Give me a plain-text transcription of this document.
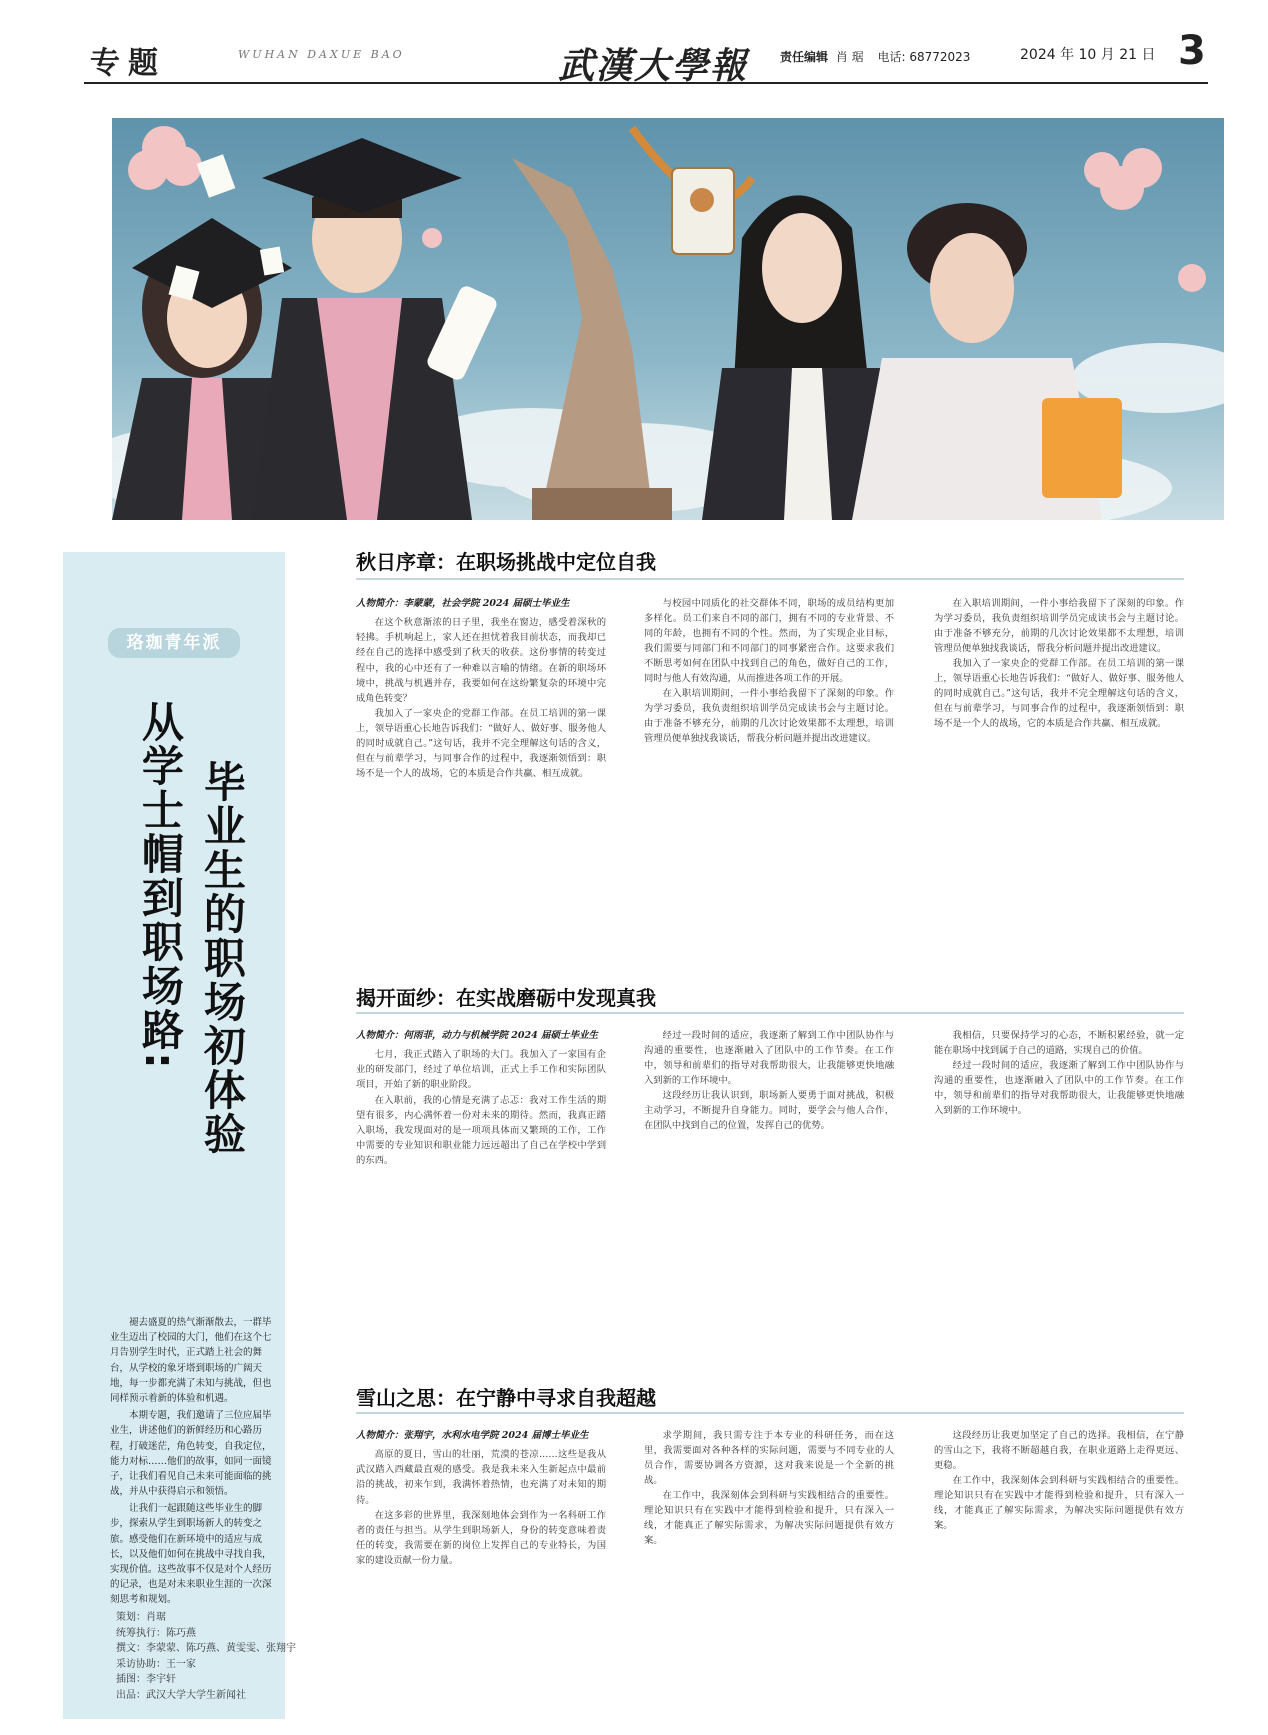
专题	WUHAN DAXUE BAO	武漢大學報	责任编辑 肖 琚 电话: 68772023	2024 年 10 月 21 日 3
珞珈青年派
毕业生的职场初体验
从学士帽到职场路:

褪去盛夏的热气渐渐散去，一群毕业生迈出了校园的大门，他们在这个七月告别学生时代，正式踏上社会的舞台，从学校的象牙塔到职场的广阔天地，每一步都充满了未知与挑战，但也同样预示着新的体验和机遇。

本期专题，我们邀请了三位应届毕业生，讲述他们的新鲜经历和心路历程，打破迷茫，角色转变，自我定位，能力对标……他们的故事，如同一面镜子，让我们看见自己未来可能面临的挑战，并从中获得启示和领悟。

让我们一起跟随这些毕业生的脚步，探索从学生到职场新人的转变之旅。感受他们在新环境中的适应与成长，以及他们如何在挑战中寻找自我，实现价值。这些故事不仅是对个人经历的记录，也是对未来职业生涯的一次深刻思考和规划。

策划：肖琚
统筹执行：陈巧燕
撰文：李蒙蒙、陈巧燕、黄雯雯、张翔宇
采访协助：王一家
插图：李宇轩
出品：武汉大学大学生新闻社
秋日序章：在职场挑战中定位自我

人物简介：李蒙蒙，社会学院 2024 届硕士毕业生

在这个秋意渐浓的日子里，我坐在窗边，感受着深秋的轻拂。手机响起上，家人还在担忧着我目前状态，而我却已经在自己的选择中感受到了秋天的收获。这份事情的转变过程中，我的心中还有了一种难以言喻的情绪。在新的职场环境中，挑战与机遇并存，我要如何在这纷繁复杂的环境中完成角色转变？

我加入了一家央企的党群工作部。在员工培训的第一课上，领导语重心长地告诉我们：“做好人、做好事、服务他人的同时成就自己。”这句话，我并不完全理解这句话的含义，但在与前辈学习，与同事合作的过程中，我逐渐领悟到：职场不是一个人的战场，它的本质是合作共赢、相互成就。

与校园中同质化的社交群体不同，职场的成员结构更加多样化。员工们来自不同的部门，拥有不同的专业背景、不同的年龄，也拥有不同的个性。然而，为了实现企业目标，我们需要与同部门和不同部门的同事紧密合作。这要求我们不断思考如何在团队中找到自己的角色，做好自己的工作，同时与他人有效沟通，从而推进各项工作的开展。

在入职培训期间，一件小事给我留下了深刻的印象。作为学习委员，我负责组织培训学员完成读书会与主题讨论。由于准备不够充分，前期的几次讨论效果都不太理想，培训管理员便单独找我谈话，帮我分析问题并提出改进建议。

在入职培训期间，一件小事给我留下了深刻的印象。作为学习委员，我负责组织培训学员完成读书会与主题讨论。由于准备不够充分，前期的几次讨论效果都不太理想，培训管理员便单独找我谈话，帮我分析问题并提出改进建议。

我加入了一家央企的党群工作部。在员工培训的第一课上，领导语重心长地告诉我们：“做好人、做好事、服务他人的同时成就自己。”这句话，我并不完全理解这句话的含义，但在与前辈学习，与同事合作的过程中，我逐渐领悟到：职场不是一个人的战场，它的本质是合作共赢、相互成就。

揭开面纱：在实战磨砺中发现真我

人物简介：何雨菲，动力与机械学院 2024 届硕士毕业生

七月，我正式踏入了职场的大门。我加入了一家国有企业的研发部门，经过了单位培训，正式上手工作和实际团队项目，开始了新的职业阶段。

在入职前，我的心情是充满了忐忑：我对工作生活的期望有很多，内心满怀着一份对未来的期待。然而，我真正踏入职场，我发现面对的是一项项具体而又繁琐的工作，工作中需要的专业知识和职业能力远远超出了自己在学校中学到的东西。

经过一段时间的适应，我逐渐了解到工作中团队协作与沟通的重要性，也逐渐融入了团队中的工作节奏。在工作中，领导和前辈们的指导对我帮助很大，让我能够更快地融入到新的工作环境中。

这段经历让我认识到，职场新人要勇于面对挑战，积极主动学习，不断提升自身能力。同时，要学会与他人合作，在团队中找到自己的位置，发挥自己的优势。

我相信，只要保持学习的心态，不断积累经验，就一定能在职场中找到属于自己的道路，实现自己的价值。

经过一段时间的适应，我逐渐了解到工作中团队协作与沟通的重要性，也逐渐融入了团队中的工作节奏。在工作中，领导和前辈们的指导对我帮助很大，让我能够更快地融入到新的工作环境中。

雪山之思：在宁静中寻求自我超越

人物简介：张翔宇，水利水电学院 2024 届博士毕业生

高原的夏日，雪山的壮丽，荒漠的苍凉……这些是我从武汉踏入西藏最直观的感受。我是我未来入生新起点中最前沿的挑战，初来乍到，我满怀着热情，也充满了对未知的期待。

在这多彩的世界里，我深刻地体会到作为一名科研工作者的责任与担当。从学生到职场新人，身份的转变意味着责任的转变，我需要在新的岗位上发挥自己的专业特长，为国家的建设贡献一份力量。

求学期间，我只需专注于本专业的科研任务，而在这里，我需要面对各种各样的实际问题，需要与不同专业的人员合作，需要协调各方资源，这对我来说是一个全新的挑战。

在工作中，我深刻体会到科研与实践相结合的重要性。理论知识只有在实践中才能得到检验和提升，只有深入一线，才能真正了解实际需求，为解决实际问题提供有效方案。

这段经历让我更加坚定了自己的选择。我相信，在宁静的雪山之下，我将不断超越自我，在职业道路上走得更远、更稳。

在工作中，我深刻体会到科研与实践相结合的重要性。理论知识只有在实践中才能得到检验和提升，只有深入一线，才能真正了解实际需求，为解决实际问题提供有效方案。
